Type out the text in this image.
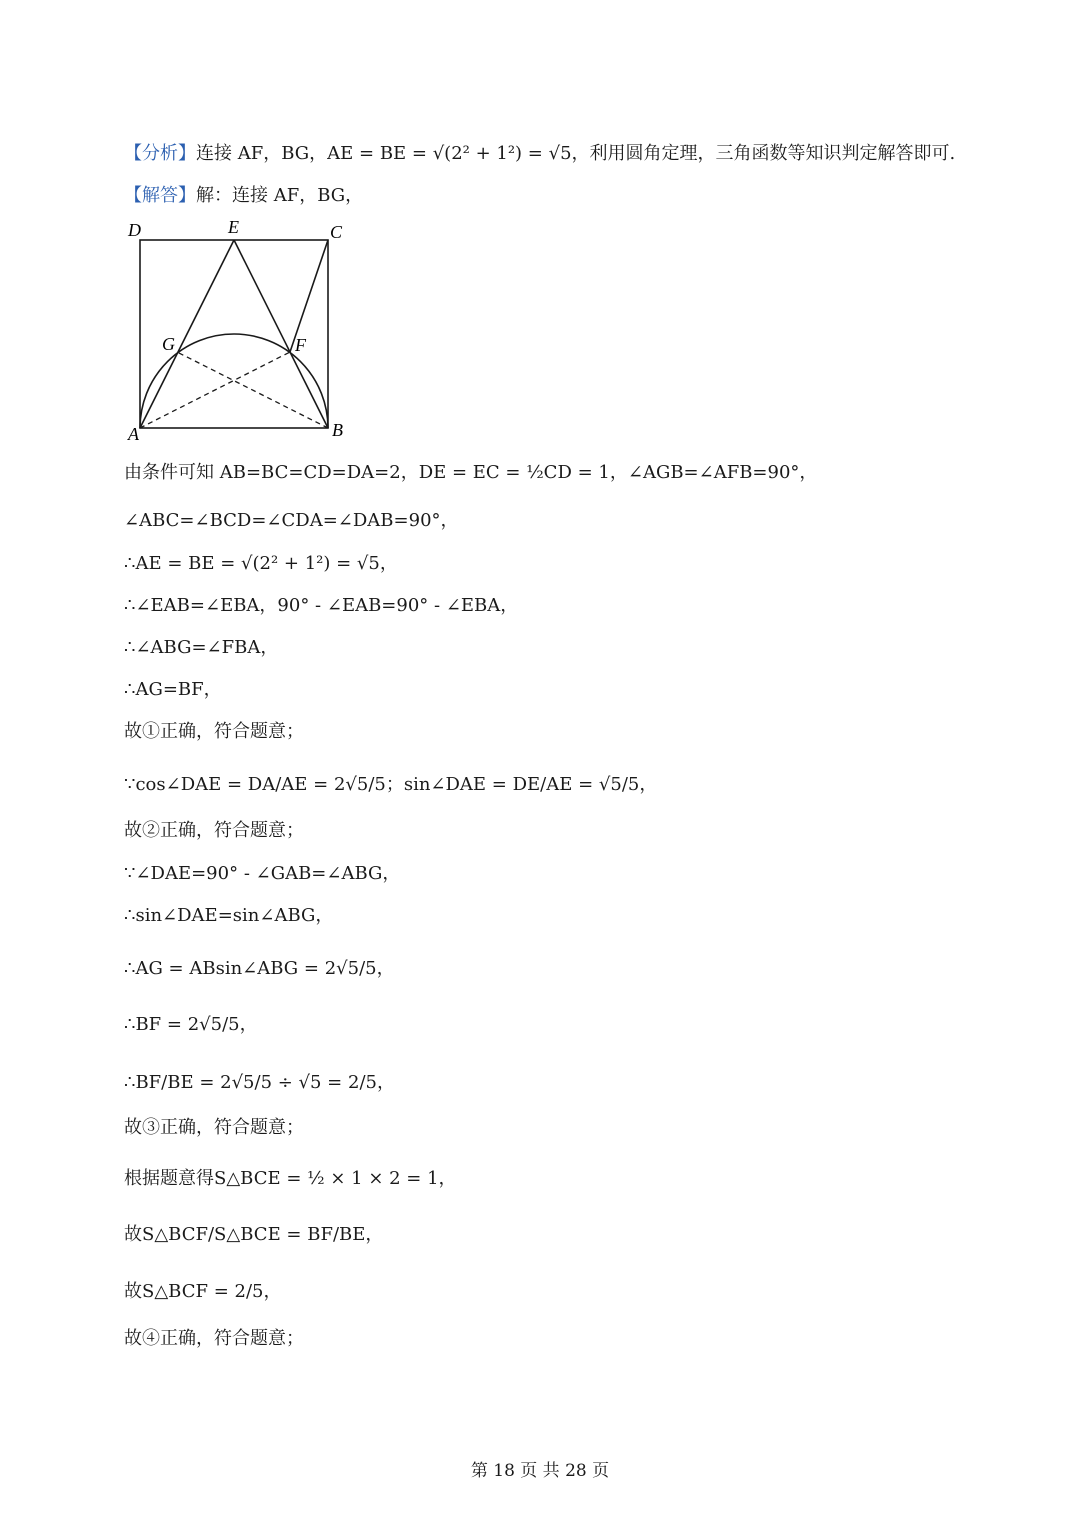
【分析】连接 AF，BG，AE = BE = √(2² + 1²) = √5，利用圆角定理，三角函数等知识判定解答即可.
【解答】解：连接 AF，BG，
A	B
C
D	E
F
G
由条件可知 AB=BC=CD=DA=2，DE = EC = ½CD = 1，∠AGB=∠AFB=90°，
∠ABC=∠BCD=∠CDA=∠DAB=90°，
∴AE = BE = √(2² + 1²) = √5，
∴∠EAB=∠EBA，90° - ∠EAB=90° - ∠EBA，
∴∠ABG=∠FBA，
∴AG=BF，
故①正确，符合题意；
∵cos∠DAE = DA/AE = 2√5/5；sin∠DAE = DE/AE = √5/5，
故②正确，符合题意；
∵∠DAE=90° - ∠GAB=∠ABG，
∴sin∠DAE=sin∠ABG，
∴AG = ABsin∠ABG = 2√5/5，
∴BF = 2√5/5，
∴BF/BE = 2√5/5 ÷ √5 = 2/5，
故③正确，符合题意；
根据题意得S△BCE = ½ × 1 × 2 = 1，
故S△BCF/S△BCE = BF/BE，
故S△BCF = 2/5，
故④正确，符合题意；
第 18 页 共 28 页
